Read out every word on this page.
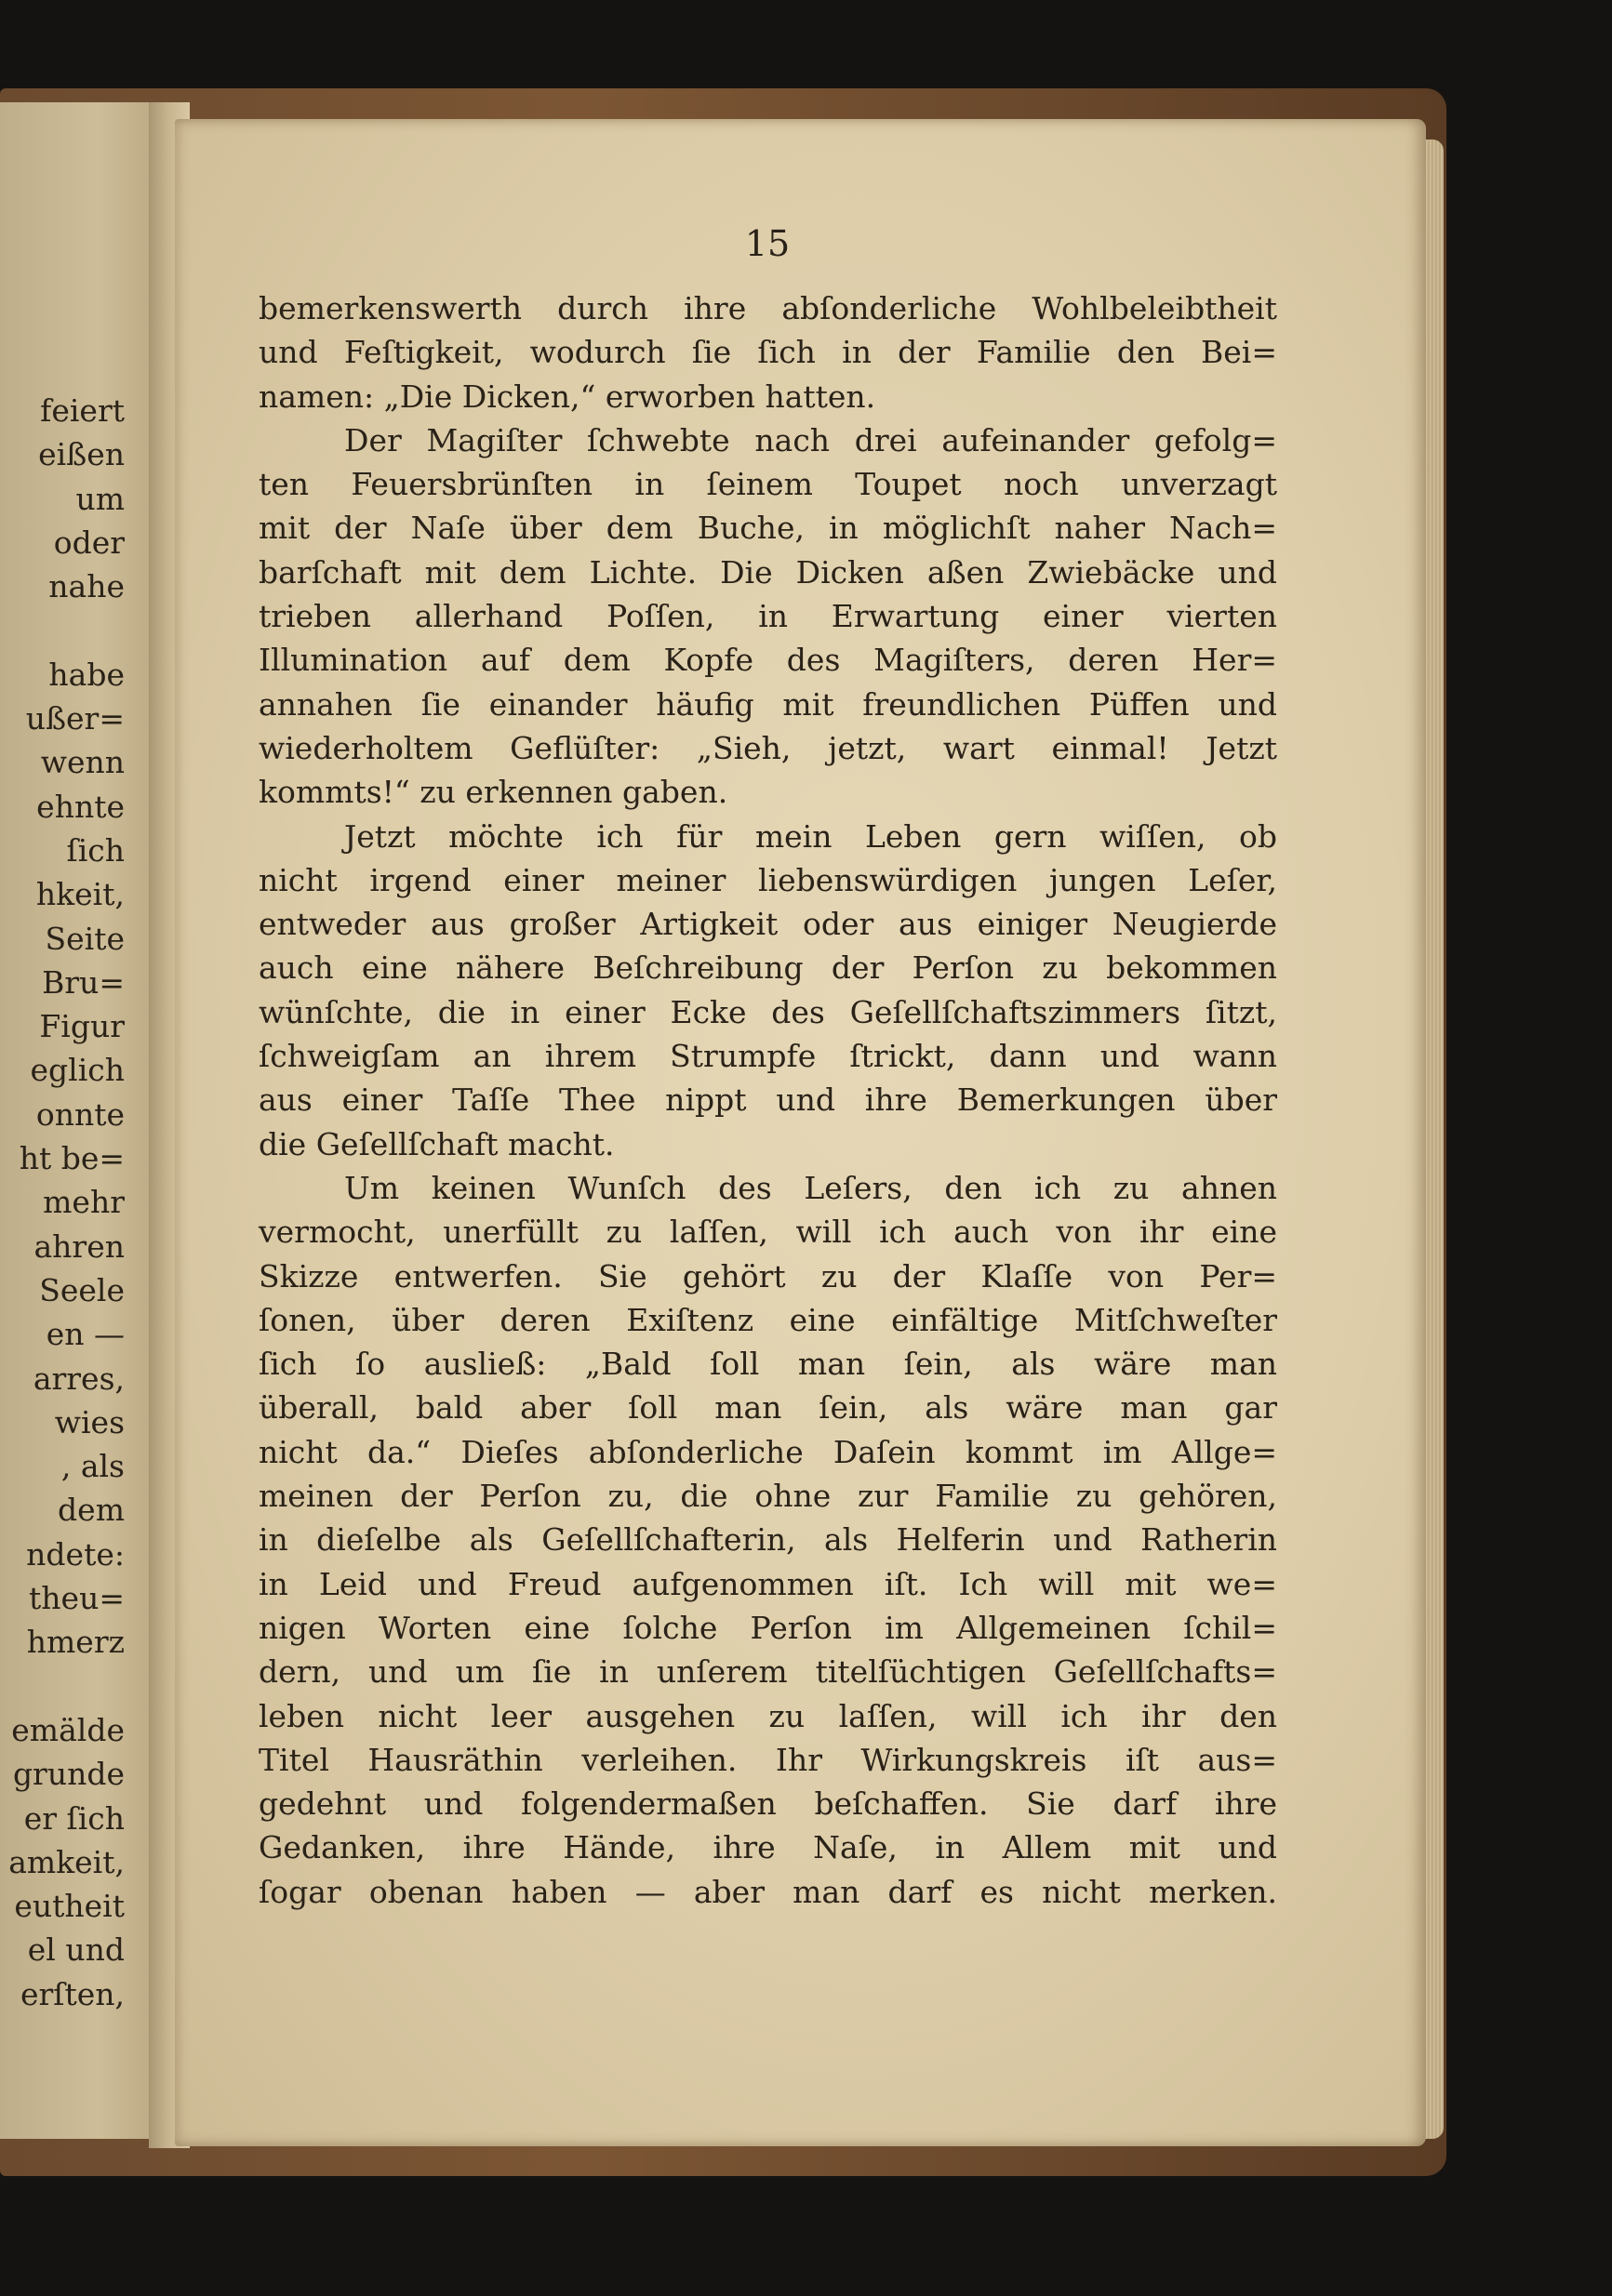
feiert
eißen
um
oder
nahe
habe
ußer=
wenn
ehnte
ſich
hkeit,
Seite
Bru=
Figur
eglich
onnte
ht be=
mehr
ahren
Seele
en —
arres,
wies
, als
dem
ndete:
theu=
hmerz
emälde
grunde
er ſich
amkeit,
eutheit
el und
erſten,
15
bemerkenswerth durch ihre abſonderliche Wohlbeleibtheit
und Feſtigkeit, wodurch ſie ſich in der Familie den Bei=
namen: „Die Dicken,“ erworben hatten.
Der Magiſter ſchwebte nach drei aufeinander gefolg=
ten Feuersbrünſten in ſeinem Toupet noch unverzagt
mit der Naſe über dem Buche, in möglichſt naher Nach=
barſchaft mit dem Lichte. Die Dicken aßen Zwiebäcke und
trieben allerhand Poſſen, in Erwartung einer vierten
Illumination auf dem Kopfe des Magiſters, deren Her=
annahen ſie einander häufig mit freundlichen Püffen und
wiederholtem Geflüſter: „Sieh, jetzt, wart einmal! Jetzt
kommts!“ zu erkennen gaben.
Jetzt möchte ich für mein Leben gern wiſſen, ob
nicht irgend einer meiner liebenswürdigen jungen Leſer,
entweder aus großer Artigkeit oder aus einiger Neugierde
auch eine nähere Beſchreibung der Perſon zu bekommen
wünſchte, die in einer Ecke des Geſellſchaftszimmers ſitzt,
ſchweigſam an ihrem Strumpfe ſtrickt, dann und wann
aus einer Taſſe Thee nippt und ihre Bemerkungen über
die Geſellſchaft macht.
Um keinen Wunſch des Leſers, den ich zu ahnen
vermocht, unerfüllt zu laſſen, will ich auch von ihr eine
Skizze entwerfen. Sie gehört zu der Klaſſe von Per=
ſonen, über deren Exiſtenz eine einfältige Mitſchweſter
ſich ſo ausließ: „Bald ſoll man ſein, als wäre man
überall, bald aber ſoll man ſein, als wäre man gar
nicht da.“ Dieſes abſonderliche Daſein kommt im Allge=
meinen der Perſon zu, die ohne zur Familie zu gehören,
in dieſelbe als Geſellſchafterin, als Helferin und Ratherin
in Leid und Freud aufgenommen iſt. Ich will mit we=
nigen Worten eine ſolche Perſon im Allgemeinen ſchil=
dern, und um ſie in unſerem titelſüchtigen Geſellſchafts=
leben nicht leer ausgehen zu laſſen, will ich ihr den
Titel Hausräthin verleihen. Ihr Wirkungskreis iſt aus=
gedehnt und folgendermaßen beſchaffen. Sie darf ihre
Gedanken, ihre Hände, ihre Naſe, in Allem mit und
ſogar obenan haben — aber man darf es nicht merken.
